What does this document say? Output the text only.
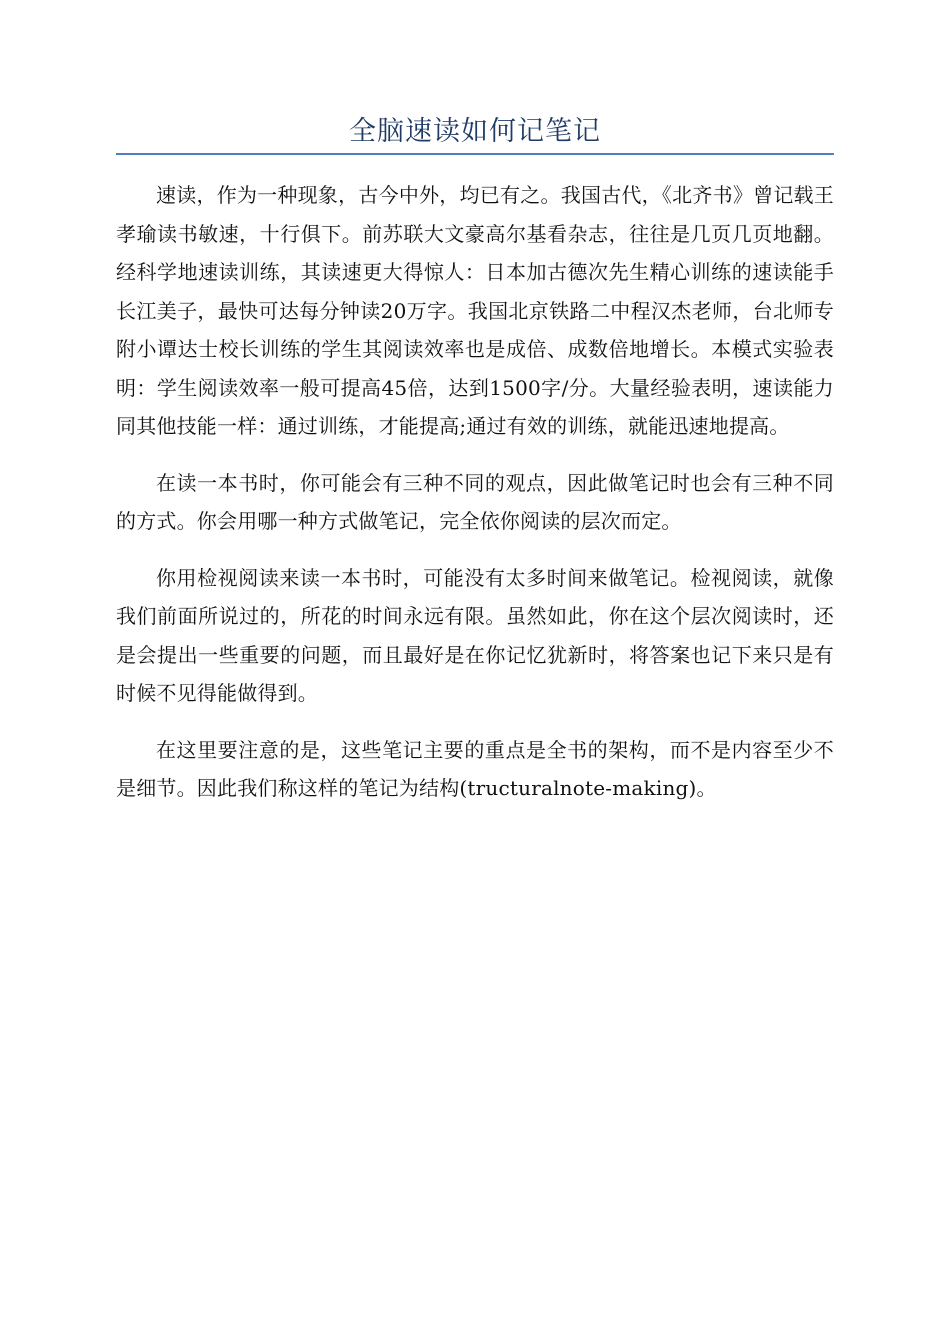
全脑速读如何记笔记

速读，作为一种现象，古今中外，均已有之。我国古代，《北齐书》曾记载王孝瑜读书敏速，十行俱下。前苏联大文豪高尔基看杂志，往往是几页几页地翻。经科学地速读训练，其读速更大得惊人：日本加古德次先生精心训练的速读能手长江美子，最快可达每分钟读20万字。我国北京铁路二中程汉杰老师，台北师专附小谭达士校长训练的学生其阅读效率也是成倍、成数倍地增长。本模式实验表明：学生阅读效率一般可提高45倍，达到1500字/分。大量经验表明，速读能力同其他技能一样：通过训练，才能提高;通过有效的训练，就能迅速地提高。

在读一本书时，你可能会有三种不同的观点，因此做笔记时也会有三种不同的方式。你会用哪一种方式做笔记，完全依你阅读的层次而定。

你用检视阅读来读一本书时，可能没有太多时间来做笔记。检视阅读，就像我们前面所说过的，所花的时间永远有限。虽然如此，你在这个层次阅读时，还是会提出一些重要的问题，而且最好是在你记忆犹新时，将答案也记下来只是有时候不见得能做得到。

在这里要注意的是，这些笔记主要的重点是全书的架构，而不是内容至少不是细节。因此我们称这样的笔记为结构(tructuralnote-making)。
